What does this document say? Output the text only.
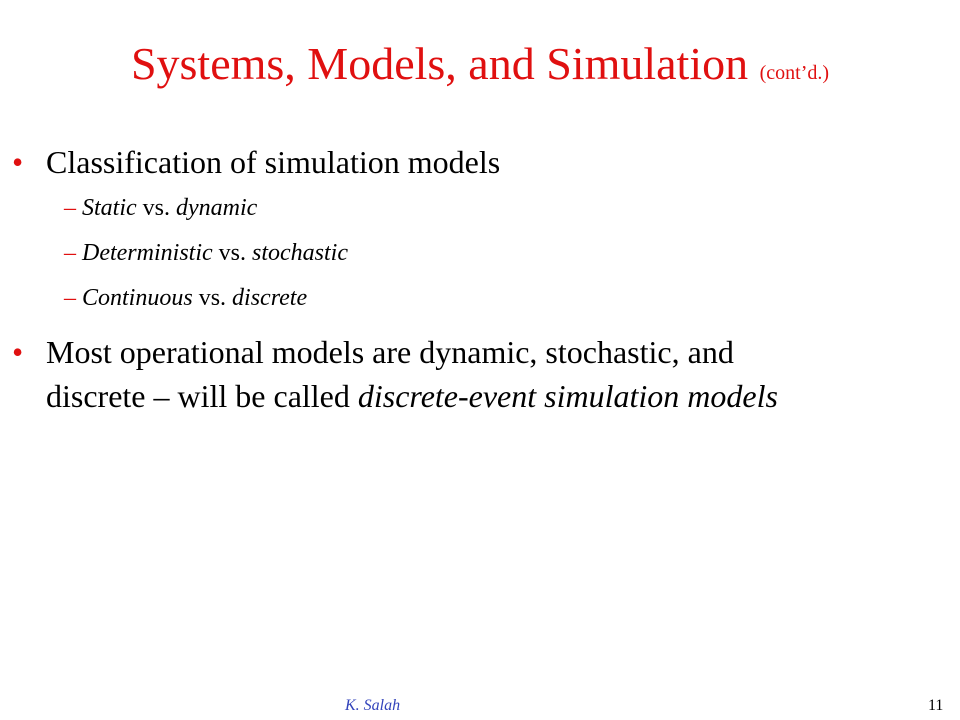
Systems, Models, and Simulation (cont’d.)
• Classification of simulation models
– Static vs. dynamic
– Deterministic vs. stochastic
– Continuous vs. discrete
• Most operational models are dynamic, stochastic, and
discrete – will be called discrete-event simulation models
K. Salah	11
